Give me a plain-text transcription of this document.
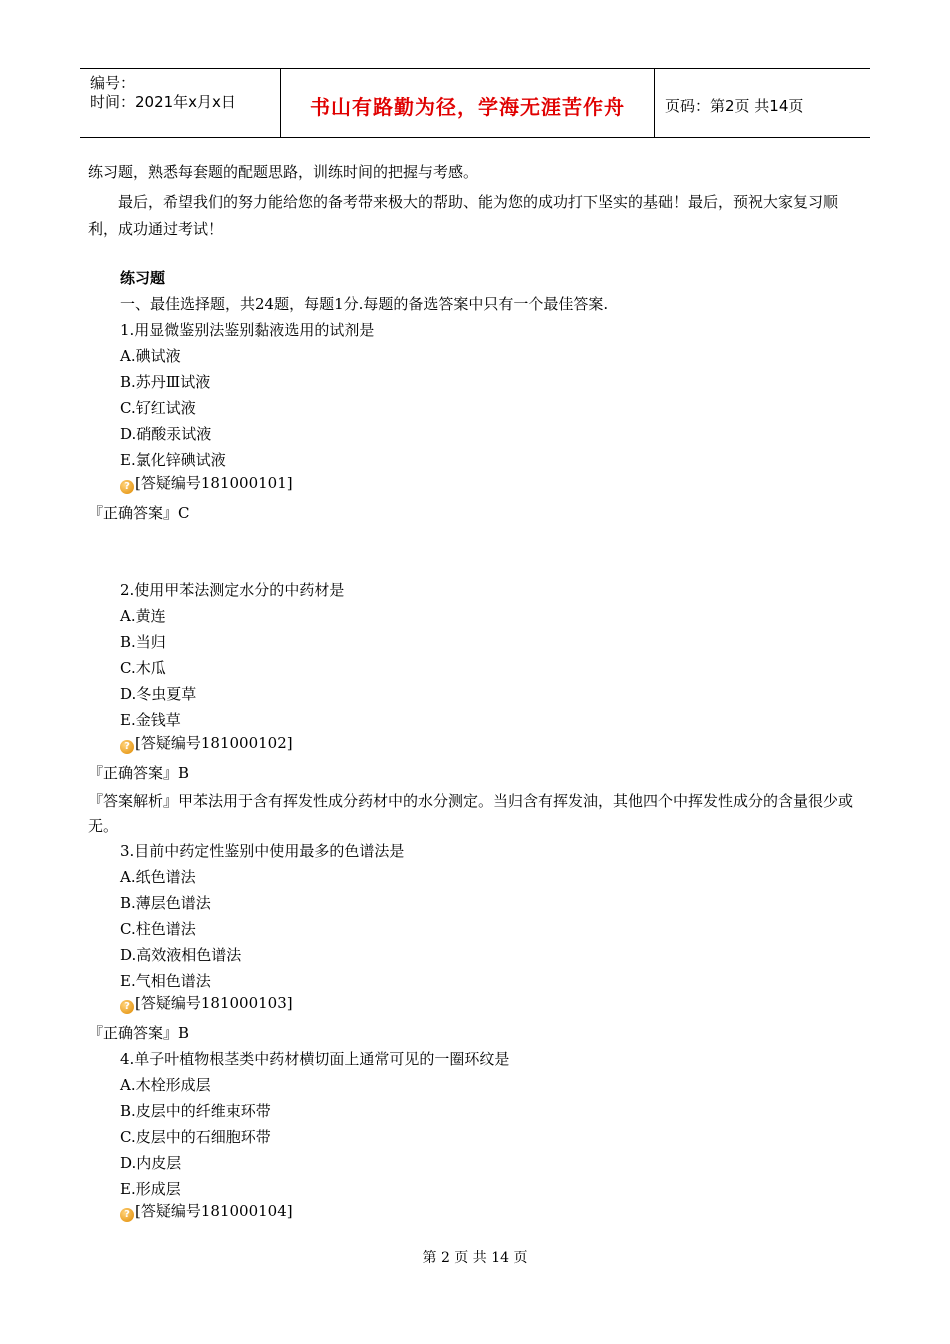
编号：
时间：2021年x月x日	书山有路勤为径，学海无涯苦作舟	页码：第2页 共14页
练习题，熟悉每套题的配题思路，训练时间的把握与考感。
最后，希望我们的努力能给您的备考带来极大的帮助、能为您的成功打下坚实的基础！最后，预祝大家复习顺利，成功通过考试！
练习题
一、最佳选择题，共24题，每题1分.每题的备选答案中只有一个最佳答案.
1.用显微鉴别法鉴别黏液选用的试剂是
A.碘试液
B.苏丹Ⅲ试液
C.钌红试液
D.硝酸汞试液
E.氯化锌碘试液
? [答疑编号181000101]
『正确答案』C
2.使用甲苯法测定水分的中药材是
A.黄连
B.当归
C.木瓜
D.冬虫夏草
E.金钱草
? [答疑编号181000102]
『正确答案』B
『答案解析』甲苯法用于含有挥发性成分药材中的水分测定。当归含有挥发油，其他四个中挥发性成分的含量很少或无。
3.目前中药定性鉴别中使用最多的色谱法是
A.纸色谱法
B.薄层色谱法
C.柱色谱法
D.高效液相色谱法
E.气相色谱法
? [答疑编号181000103]
『正确答案』B
4.单子叶植物根茎类中药材横切面上通常可见的一圈环纹是
A.木栓形成层
B.皮层中的纤维束环带
C.皮层中的石细胞环带
D.内皮层
E.形成层
? [答疑编号181000104]
第 2 页 共 14 页
